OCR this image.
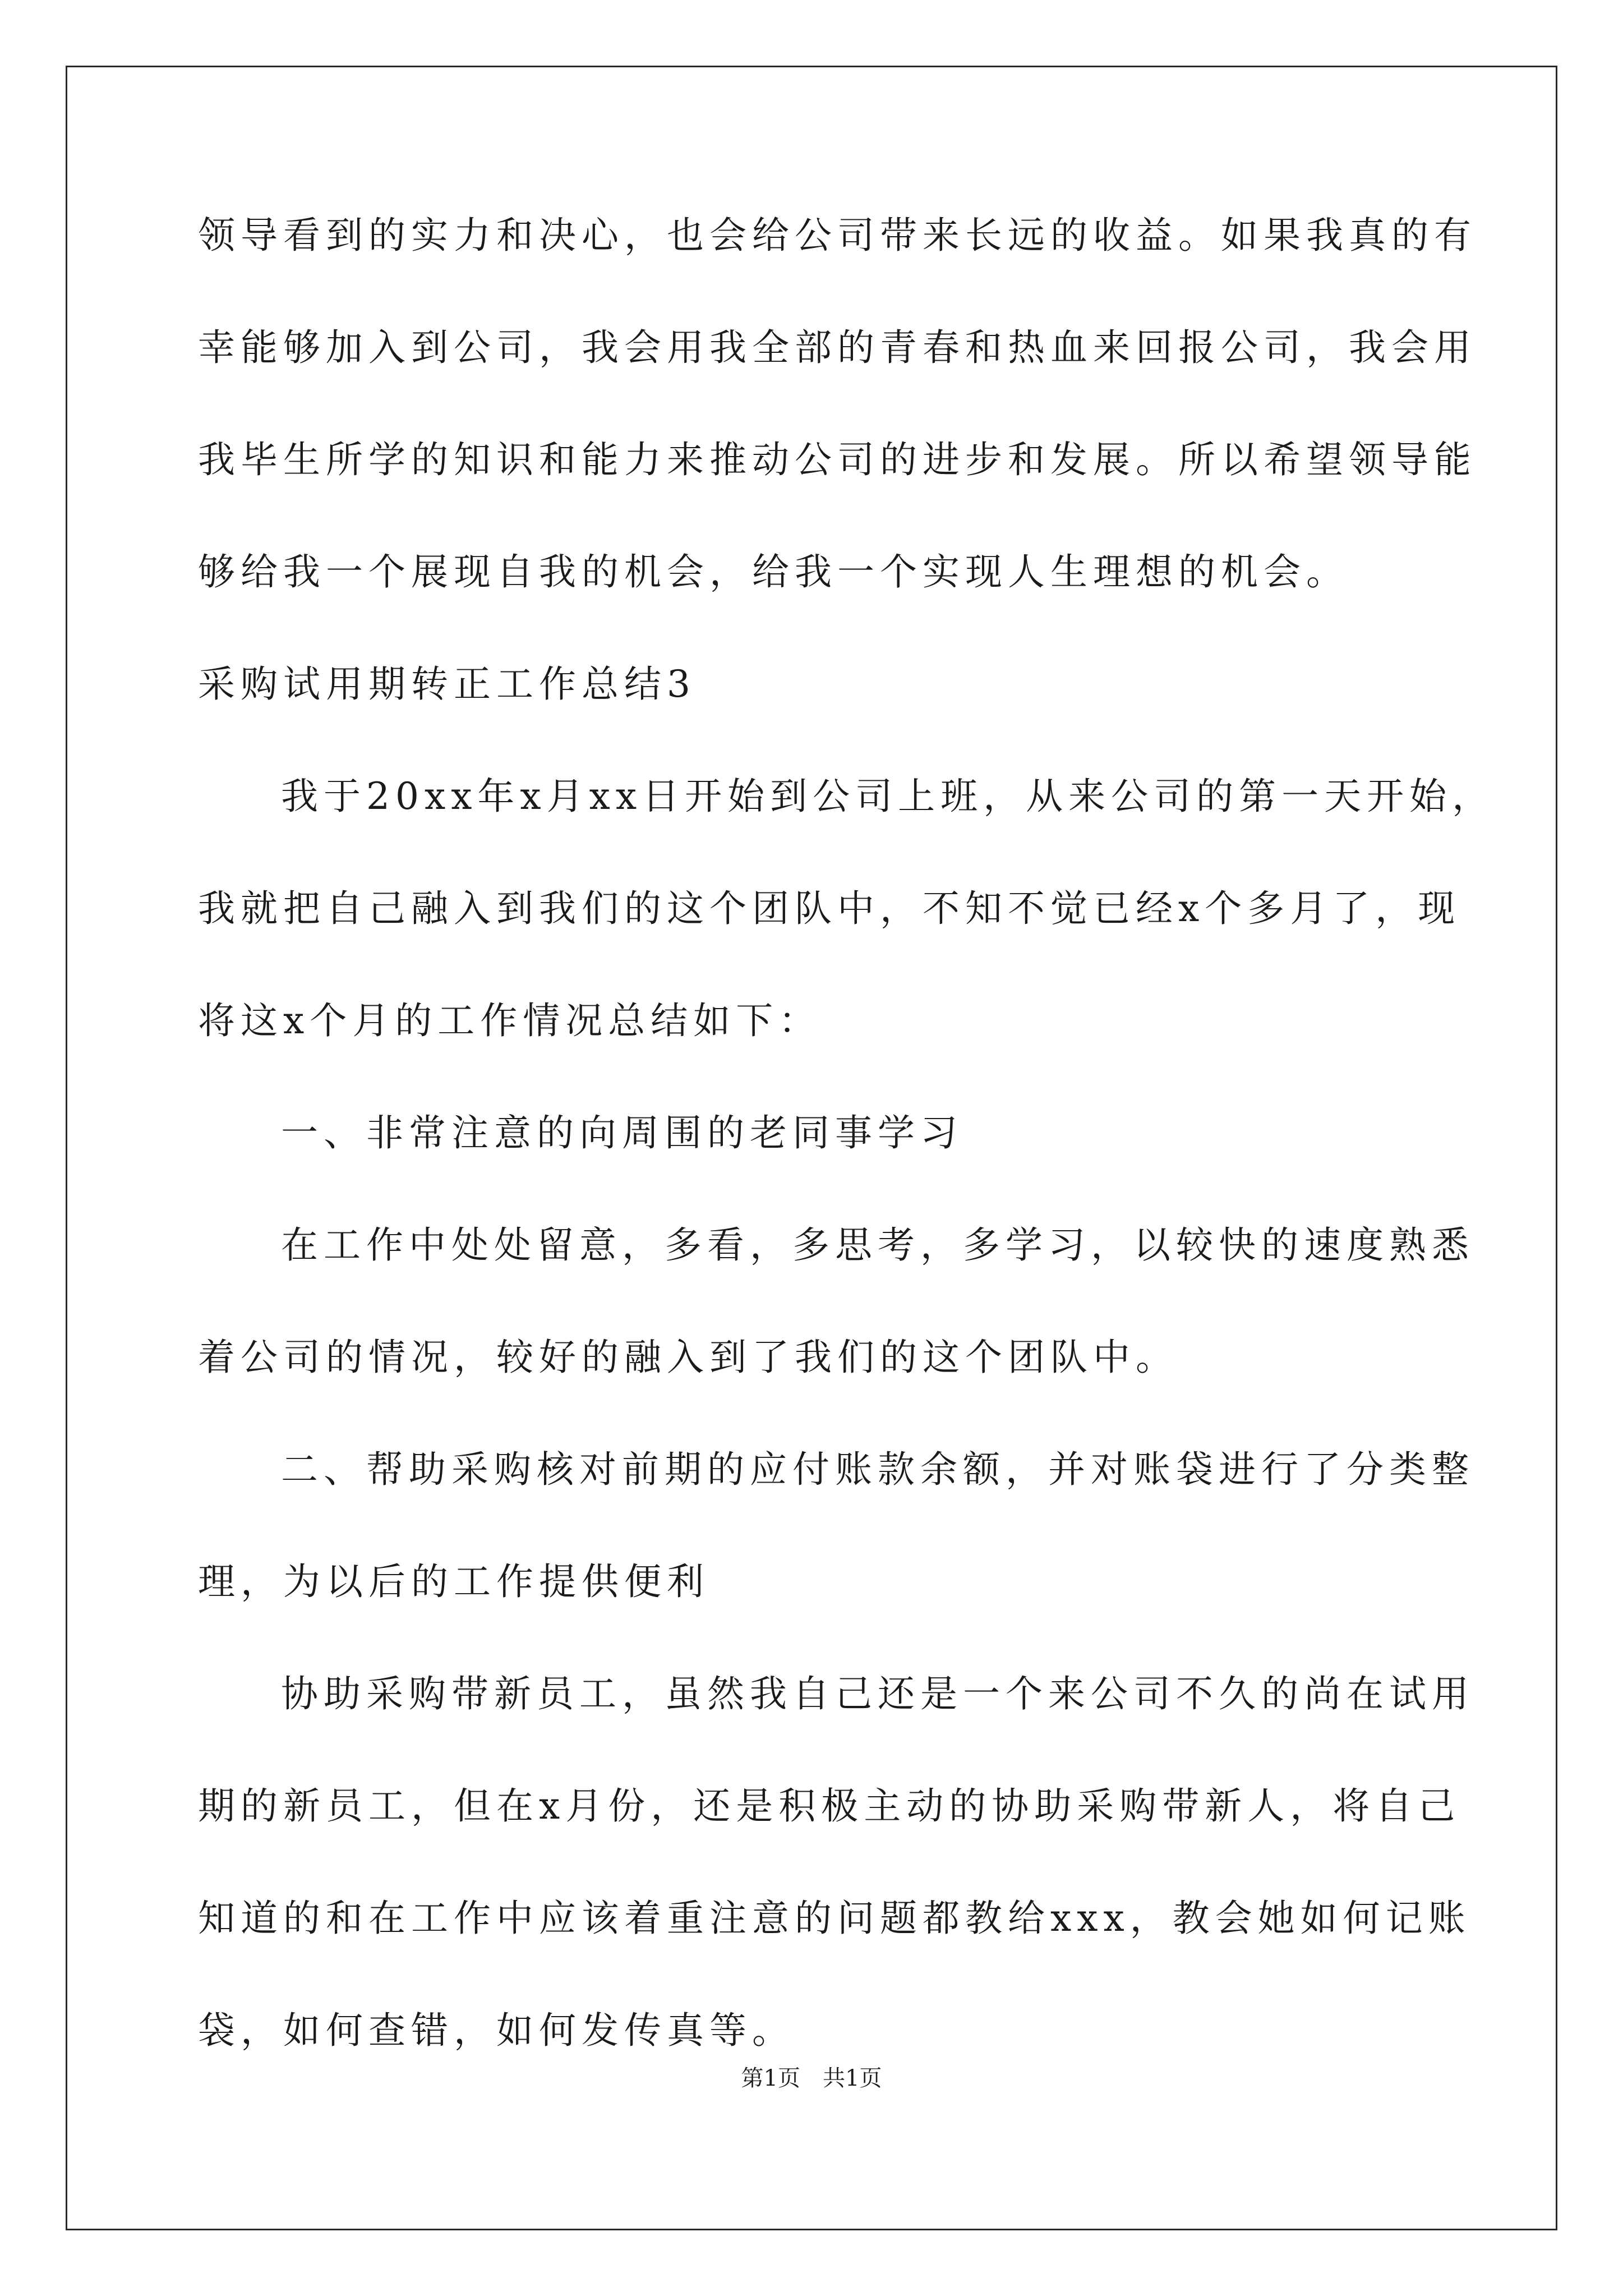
领导看到的实力和决心，也会给公司带来长远的收益。如果我真的有
幸能够加入到公司，我会用我全部的青春和热血来回报公司，我会用
我毕生所学的知识和能力来推动公司的进步和发展。所以希望领导能
够给我一个展现自我的机会，给我一个实现人生理想的机会。
采购试用期转正工作总结3
我于20xx年x月xx日开始到公司上班，从来公司的第一天开始，
我就把自己融入到我们的这个团队中，不知不觉已经x个多月了，现
将这x个月的工作情况总结如下：
一、非常注意的向周围的老同事学习
在工作中处处留意，多看，多思考，多学习，以较快的速度熟悉
着公司的情况，较好的融入到了我们的这个团队中。
二、帮助采购核对前期的应付账款余额，并对账袋进行了分类整
理，为以后的工作提供便利
协助采购带新员工，虽然我自己还是一个来公司不久的尚在试用
期的新员工，但在x月份，还是积极主动的协助采购带新人，将自己
知道的和在工作中应该着重注意的问题都教给xxx，教会她如何记账
袋，如何查错，如何发传真等。
第1页　共1页
